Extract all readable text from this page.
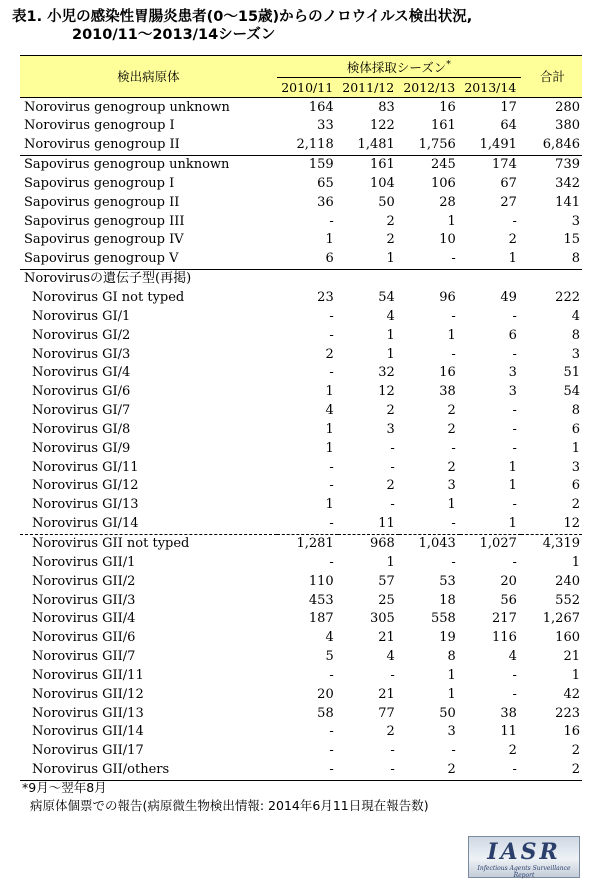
表1. 小児の感染性胃腸炎患者(0～15歳)からのノロウイルス検出状況,
2010/11～2013/14シーズン
検出病原体	検体採取シーズン*				合計
	2010/11	2011/12	2012/13	2013/14	
Norovirus genogroup unknown	164	83	16	17	280
Norovirus genogroup I	33	122	161	64	380
Norovirus genogroup II	2,118	1,481	1,756	1,491	6,846
Sapovirus genogroup unknown	159	161	245	174	739
Sapovirus genogroup I	65	104	106	67	342
Sapovirus genogroup II	36	50	28	27	141
Sapovirus genogroup III	-	2	1	-	3
Sapovirus genogroup IV	1	2	10	2	15
Sapovirus genogroup V	6	1	-	1	8
Norovirusの遺伝子型(再掲)					
Norovirus GI not typed	23	54	96	49	222
Norovirus GI/1	-	4	-	-	4
Norovirus GI/2	-	1	1	6	8
Norovirus GI/3	2	1	-	-	3
Norovirus GI/4	-	32	16	3	51
Norovirus GI/6	1	12	38	3	54
Norovirus GI/7	4	2	2	-	8
Norovirus GI/8	1	3	2	-	6
Norovirus GI/9	1	-	-	-	1
Norovirus GI/11	-	-	2	1	3
Norovirus GI/12	-	2	3	1	6
Norovirus GI/13	1	-	1	-	2
Norovirus GI/14	-	11	-	1	12
Norovirus GII not typed	1,281	968	1,043	1,027	4,319
Norovirus GII/1	-	1	-	-	1
Norovirus GII/2	110	57	53	20	240
Norovirus GII/3	453	25	18	56	552
Norovirus GII/4	187	305	558	217	1,267
Norovirus GII/6	4	21	19	116	160
Norovirus GII/7	5	4	8	4	21
Norovirus GII/11	-	-	1	-	1
Norovirus GII/12	20	21	1	-	42
Norovirus GII/13	58	77	50	38	223
Norovirus GII/14	-	2	3	11	16
Norovirus GII/17	-	-	-	2	2
Norovirus GII/others	-	-	2	-	2
*9月～翌年8月
病原体個票での報告(病原微生物検出情報: 2014年6月11日現在報告数)
IASR
Infectious Agents Surveillance Report
